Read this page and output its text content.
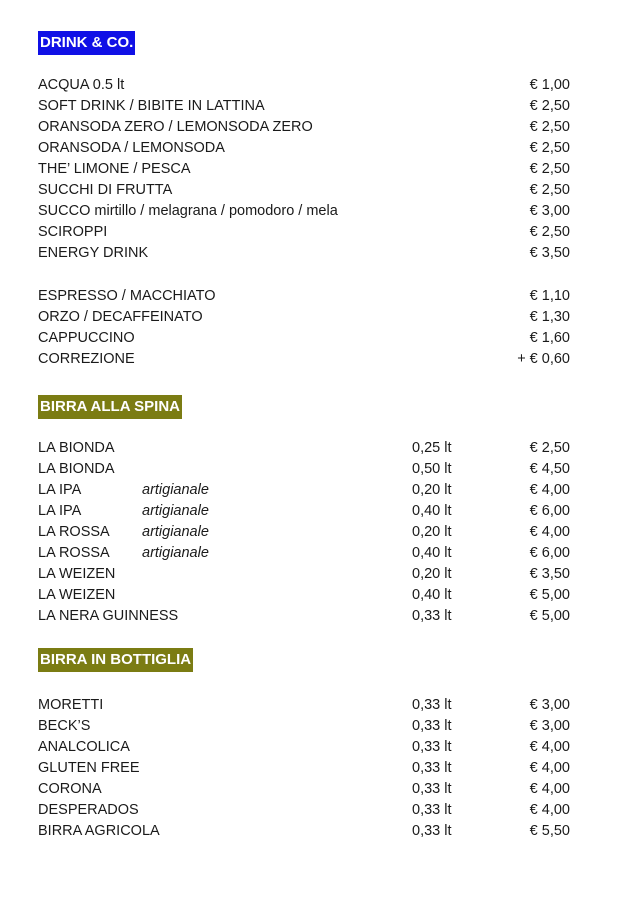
DRINK & CO.
ACQUA 0.5 lt	€ 1,00
SOFT DRINK / BIBITE IN LATTINA	€ 2,50
ORANSODA ZERO / LEMONSODA ZERO	€ 2,50
ORANSODA / LEMONSODA	€ 2,50
THE’ LIMONE / PESCA	€ 2,50
SUCCHI DI FRUTTA	€ 2,50
SUCCO mirtillo / melagrana / pomodoro / mela	€ 3,00
SCIROPPI	€ 2,50
ENERGY DRINK	€ 3,50
ESPRESSO / MACCHIATO	€ 1,10
ORZO / DECAFFEINATO	€ 1,30
CAPPUCCINO	€ 1,60
CORREZIONE	+ € 0,60
BIRRA ALLA SPINA
LA BIONDA	0,25 lt	€ 2,50
LA BIONDA	0,50 lt	€ 4,50
LA IPA	artigianale	0,20 lt	€ 4,00
LA IPA	artigianale	0,40 lt	€ 6,00
LA ROSSA artigianale	0,20 lt	€ 4,00
LA ROSSA artigianale	0,40 lt	€ 6,00
LA WEIZEN	0,20 lt	€ 3,50
LA WEIZEN	0,40 lt	€ 5,00
LA NERA GUINNESS	0,33 lt	€ 5,00
BIRRA IN BOTTIGLIA
MORETTI	0,33 lt	€ 3,00
BECK’S	0,33 lt	€ 3,00
ANALCOLICA	0,33 lt	€ 4,00
GLUTEN FREE	0,33 lt	€ 4,00
CORONA	0,33 lt	€ 4,00
DESPERADOS	0,33 lt	€ 4,00
BIRRA AGRICOLA	0,33 lt	€ 5,50
